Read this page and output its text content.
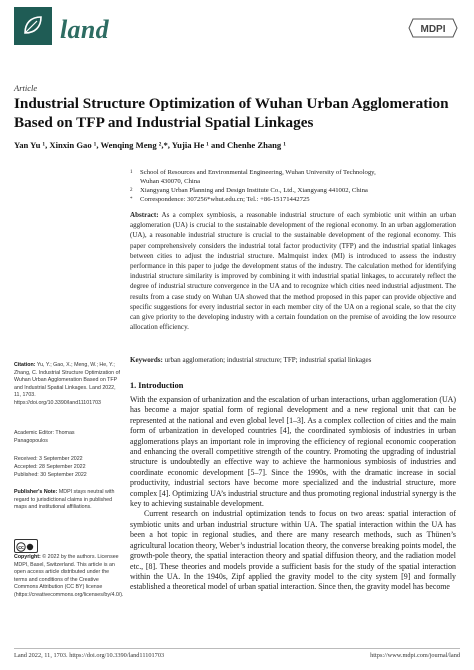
land	MDPI
Article
Industrial Structure Optimization of Wuhan Urban Agglomeration Based on TFP and Industrial Spatial Linkages
Yan Yu ¹, Xinxin Gao ¹, Wenqing Meng ²,*, Yujia He ¹ and Chenhe Zhang ¹
1 School of Resources and Environmental Engineering, Wuhan University of Technology,
Wuhan 430070, China
2 Xiangyang Urban Planning and Design Institute Co., Ltd., Xiangyang 441002, China
* Correspondence: 307256*whut.edu.cn; Tel.: +86-15171442725
Abstract: As a complex symbiosis, a reasonable industrial structure of each symbiotic unit within an urban agglomeration (UA) is crucial to the sustainable development of the regional economy. In an urban agglomeration (UA), a reasonable industrial structure is crucial to the sustainable development of the regional economy. This paper comprehensively considers the industrial total factor productivity (TFP) and the industrial spatial linkages between cities to adjust the industrial structure. Malmquist index (MI) is introduced to assess the industry performance in this paper to judge the development status of the industry. The calculation method for identifying industrial structure similarity is improved by combining it with industrial spatial linkages, to accurately reflect the degree of industrial structure convergence in the UA and to recognize which cities need industrial adjustment. The results from a case study on Wuhan UA showed that the method proposed in this paper can provide objective and specific suggestions for every industrial sector in each member city of the UA on a regional scale, so that the city can give priority to the developing industry with a certain foundation on the premise of avoiding the low resource allocation efficiency.
Keywords: urban agglomeration; industrial structure; TFP; industrial spatial linkages
Citation: Yu, Y.; Gao, X.; Meng, W.; He, Y.; Zhang, C. Industrial Structure Optimization of Wuhan Urban Agglomeration Based on TFP and Industrial Spatial Linkages. Land 2022, 11, 1703. https://doi.org/10.3390/land11101703
Academic Editor: Thomas
Panagopoulos
Received: 3 September 2022
Accepted: 28 September 2022
Published: 30 September 2022
Publisher's Note: MDPI stays neutral with regard to jurisdictional claims in published maps and institutional affiliations.
cc
Copyright: © 2022 by the authors. Licensee MDPI, Basel, Switzerland. This article is an open access article distributed under the terms and conditions of the Creative Commons Attribution (CC BY) license (https://creativecommons.org/licenses/by/4.0/).
1. Introduction

With the expansion of urbanization and the escalation of urban interactions, urban agglomeration (UA) has become a major spatial form of regional development and a new regional unit that can be represented at the national and even global level [1–3]. As a complex collection of cities and the main form of urbanization in developed countries [4], the coordinated symbiosis of industries in urban agglomerations plays an important role in improving the efficiency of regional economic cooperation and enhancing the overall competitive strength of the country. Promoting the upgrading of industrial structure is undoubtedly an effective way to achieve the harmonious symbiosis of industries and coordinate economic development [5–7]. Since the 1990s, with the dramatic increase in social productivity, industrial sectors have become more specialized and the industrial structure, more complex [4]. Optimizing UA’s industrial structure and thus promoting regional industrial synergy is the key to achieving sustainable development.

Current research on industrial optimization tends to focus on two areas: spatial interaction of symbiotic units and urban industrial structure within UA. The spatial interaction within the UA has been a hot topic in regional studies, and there are many research methods, such as Thünen’s agricultural location theory, Weber’s industrial location theory, the converse breaking points model, the growth-pole theory, the spatial interaction theory and spatial diffusion theory, and the radiation model etc., [8]. These theories and models provide a sufficient basis for the study of the spatial interaction within the UA. In the 1940s, Zipf applied the gravity model to the city system [9] and formally established a theoretical model of urban spatial interaction. Since then, the gravity model has become

Land 2022, 11, 1703. https://doi.org/10.3390/land11101703	https://www.mdpi.com/journal/land
